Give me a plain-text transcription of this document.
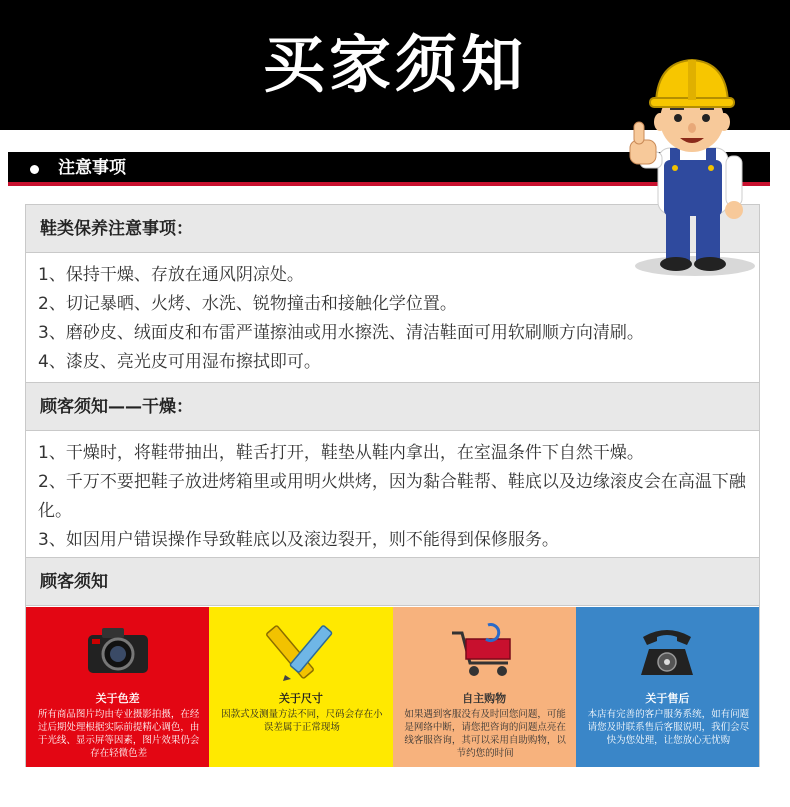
买家须知
注意事项
鞋类保养注意事项：

1、保持干燥、存放在通风阴凉处。

2、切记暴晒、火烤、水洗、锐物撞击和接触化学位置。

3、磨砂皮、绒面皮和布雷严谨擦油或用水擦洗、清洁鞋面可用软刷顺方向清刷。

4、漆皮、亮光皮可用湿布擦拭即可。

顾客须知——干燥：

1、干燥时，将鞋带抽出，鞋舌打开，鞋垫从鞋内拿出，在室温条件下自然干燥。

2、千万不要把鞋子放进烤箱里或用明火烘烤，因为黏合鞋帮、鞋底以及边缘滚皮会在高温下融化。

3、如因用户错误操作导致鞋底以及滚边裂开，则不能得到保修服务。

顾客须知
关于色差
所有商品图片均由专业摄影拍摄，在经过后期处理根据实际前提精心调色，由于光线、显示屏等因素，图片效果仍会存在轻微色差
关于尺寸
因款式及测量方法不同，尺码会存在小误差属于正常现场
自主购物
如果遇到客服没有及时回您问题，可能是网络中断，请您把咨询的问题点亮在线客服咨询，其可以采用自助购物，以节约您的时间
关于售后
本店有完善的客户服务系统，如有问题请您及时联系售后客服说明，我们会尽快为您处理，让您放心无忧购
